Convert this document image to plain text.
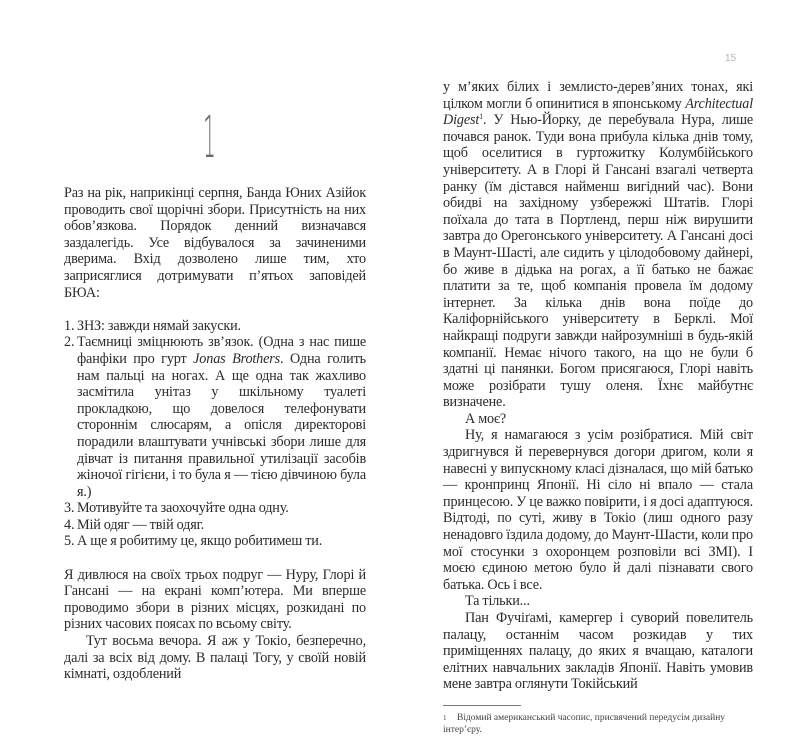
1

Раз на рік, наприкінці серпня, Банда Юних Азійок проводить свої щорічні збори. Присутність на них обов’язкова. Порядок денний визначався заздалегідь. Усе відбувалося за зачиненими дверима. Вхід дозволено лише тим, хто заприсяглися дотримувати п’ятьох заповідей БЮА:

1. ЗНЗ: завжди нямай закуски.
2. Таємниці зміцнюють зв’язок. (Одна з нас пише фанфіки про гурт Jonas Brothers. Одна голить нам пальці на ногах. А ще одна так жахливо засмітила унітаз у шкільному туалеті прокладкою, що довелося телефонувати стороннім слюсарям, а опісля директорові порадили влаштувати учнівські збори лише для дівчат із питання правильної утилізації засобів жіночої гігієни, і то була я — тією дівчиною була я.)
3. Мотивуйте та заохочуйте одна одну.
4. Мій одяг — твій одяг.
5. А ще я робитиму це, якщо робитимеш ти.

Я дивлюся на своїх трьох подруг — Нуру, Глорі й Гансані — на екрані комп’ютера. Ми вперше проводимо збори в різних місцях, розкидані по різних часових поясах по всьому світу.

Тут восьма вечора. Я аж у Токіо, безперечно, далі за всіх від дому. В палаці Тогу, у своїй новій кімнаті, оздоблений

15

у м’яких білих і землисто-дерев’яних тонах, які цілком могли б опинитися в японському Architectual Digest$^1$. У Нью-Йорку, де перебувала Нура, лише почався ранок. Туди вона прибула кілька днів тому, щоб оселитися в гуртожитку Колумбійського університету. А в Глорі й Гансані взагалі четверта ранку (їм дістався найменш вигідний час). Вони обидві на західному узбережжі Штатів. Глорі поїхала до тата в Портленд, перш ніж вирушити завтра до Орегонського університету. А Гансані досі в Маунт-Шасті, але сидить у цілодобовому дайнері, бо живе в дідька на рогах, а її батько не бажає платити за те, щоб компанія провела їм додому інтернет. За кілька днів вона поїде до Каліфорнійського університету в Берклі. Мої найкращі подруги завжди найрозумніші в будь-якій компанії. Немає нічого такого, на що не були б здатні ці панянки. Богом присягаюся, Глорі навіть може розібрати тушу оленя. Їхнє майбутнє визначене.

А моє?

Ну, я намагаюся з усім розібратися. Мій світ здригнувся й перевернувся догори дригом, коли я навесні у випускному класі дізналася, що мій батько — кронпринц Японії. Ні сіло ні впало — стала принцесою. У це важко повірити, і я досі адаптуюся. Відтоді, по суті, живу в Токіо (лиш одного разу ненадовго їздила додому, до Маунт-Шасти, коли про мої стосунки з охоронцем розповіли всі ЗМІ). І моєю єдиною метою було й далі пізнавати свого батька. Ось і все.

Та тільки...

Пан Фучіґамі, камергер і суворий повелитель палацу, останнім часом розкидав у тих приміщеннях палацу, до яких я вчащаю, каталоги елітних навчальних закладів Японії. Навіть умовив мене завтра оглянути Токійський

1 Відомий американський часопис, присвячений передусім дизайну інтер’єру.
